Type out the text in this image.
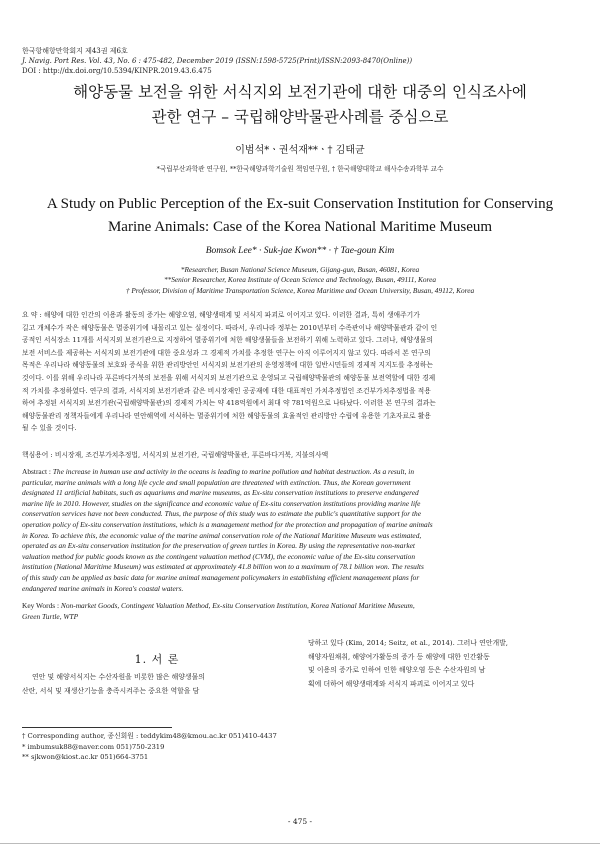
한국항해항만학회지 제43권 제6호
J. Navig. Port Res. Vol. 43, No. 6 : 475-482, December 2019 (ISSN:1598-5725(Print)/ISSN:2093-8470(Online))
DOI : http://dx.doi.org/10.5394/KINPR.2019.43.6.475
해양동물 보전을 위한 서식지외 보전기관에 대한 대중의 인식조사에
관한 연구 – 국립해양박물관사례를 중심으로
이범석*ㆍ권석재**ㆍ† 김태균
*국립부산과학관 연구원, **한국해양과학기술원 책임연구원, † 한국해양대학교 해사수송과학부 교수
A Study on Public Perception of the Ex-suit Conservation Institution for Conserving
Marine Animals: Case of the Korea National Maritime Museum
Bomsok Lee* · Suk-jae Kwon** · † Tae-goun Kim
*Researcher, Busan National Science Museum, Gijang-gun, Busan, 46081, Korea
**Senior Researcher, Korea Institute of Ocean Science and Technology, Busan, 49111, Korea
† Professor, Division of Maritime Transportation Science, Korea Maritime and Ocean University, Busan, 49112, Korea
요 약 : 해양에 대한 인간의 이용과 활동의 증가는 해양오염, 해양생태계 및 서식지 파괴로 이어지고 있다. 이러한 결과, 특히 생애주기가
길고 개체수가 작은 해양동물은 멸종위기에 내몰리고 있는 실정이다. 따라서, 우리나라 정부는 2010년부터 수족관이나 해양박물관과 같이 인
공적인 서식장소 11개를 서식지외 보전기관으로 지정하여 멸종위기에 처한 해양생물들을 보전하기 위해 노력하고 있다. 그러나, 해양생물의
보전 서비스를 제공하는 서식지외 보전기관에 대한 중요성과 그 경제적 가치를 추정한 연구는 아직 이루어지지 않고 있다. 따라서 본 연구의
목적은 우리나라 해양동물의 보호와 증식을 위한 관리방안인 서식지외 보전기관의 운영정책에 대한 일반시민들의 경제적 지지도를 추정하는
것이다. 이를 위해 우리나라 푸른바다거북의 보전을 위해 서식지외 보전기관으로 운영되고 국립해양박물관의 해양동물 보전역할에 대한 경제
적 가치를 추정하였다. 연구의 결과, 서식지외 보전기관과 같은 비시장재인 공공재에 대한 대표적인 가치추정법인 조건부가치추정법을 적용
하여 추정된 서식지외 보전기관(국립해양박물관)의 경제적 가치는 약 418억원에서 최대 약 781억원으로 나타났다. 이러한 본 연구의 결과는
해양동물관리 정책자들에게 우리나라 연안해역에 서식하는 멸종위기에 처한 해양동물의 효율적인 관리방안 수립에 유용한 기초자료로 활용
될 수 있을 것이다.
핵심용어 : 비시장재, 조건부가치추정법, 서식지외 보전기관, 국립해양박물관, 푸른바다거북, 지불의사액
Abstract : The increase in human use and activity in the oceans is leading to marine pollution and habitat destruction. As a result, in
particular, marine animals with a long life cycle and small population are threatened with extinction. Thus, the Korean government
designated 11 artificial habitats, such as aquariums and marine museums, as Ex-situ conservation institutions to preserve endangered
marine life in 2010. However, studies on the significance and economic value of Ex-situ conservation institutions providing marine life
conservation services have not been conducted. Thus, the purpose of this study was to estimate the public's quantitative support for the
operation policy of Ex-situ conservation institutions, which is a management method for the protection and propagation of marine animals
in Korea. To achieve this, the economic value of the marine animal conservation role of the National Maritime Museum was estimated,
operated as an Ex-situ conservation institution for the preservation of green turtles in Korea. By using the representative non-market
valuation method for public goods known as the contingent valuation method (CVM), the economic value of the Ex-situ conservation
institution (National Maritime Museum) was estimated at approximately 41.8 billion won to a maximum of 78.1 billion won. The results
of this study can be applied as basic data for marine animal management policymakers in establishing efficient management plans for
endangered marine animals in Korea's coastal waters.
Key Words : Non-market Goods, Contingent Valuation Method, Ex-situ Conservation Institution, Korea National Maritime Museum,
Green Turtle, WTP
1. 서 론
연안 및 해양서식지는 수산자원을 비롯한 많은 해양생물의
산란, 서식 및 재생산기능을 충족시켜주는 중요한 역할을 담
당하고 있다 (Kim, 2014; Seitz, et al., 2014). 그러나 연안개발,
해양자원채취, 해양여가활동의 증가 등 해양에 대한 인간활동
및 이용의 증가로 인하여 인한 해양오염 등은 수산자원의 남
획에 더하여 해양생태계와 서식지 파괴로 이어지고 있다
† Corresponding author, 종신회원 : teddykim48@kmou.ac.kr 051)410-4437
* imbumsuk88@naver.com 051)750-2319
** sjkwon@kiost.ac.kr 051)664-3751
- 475 -
